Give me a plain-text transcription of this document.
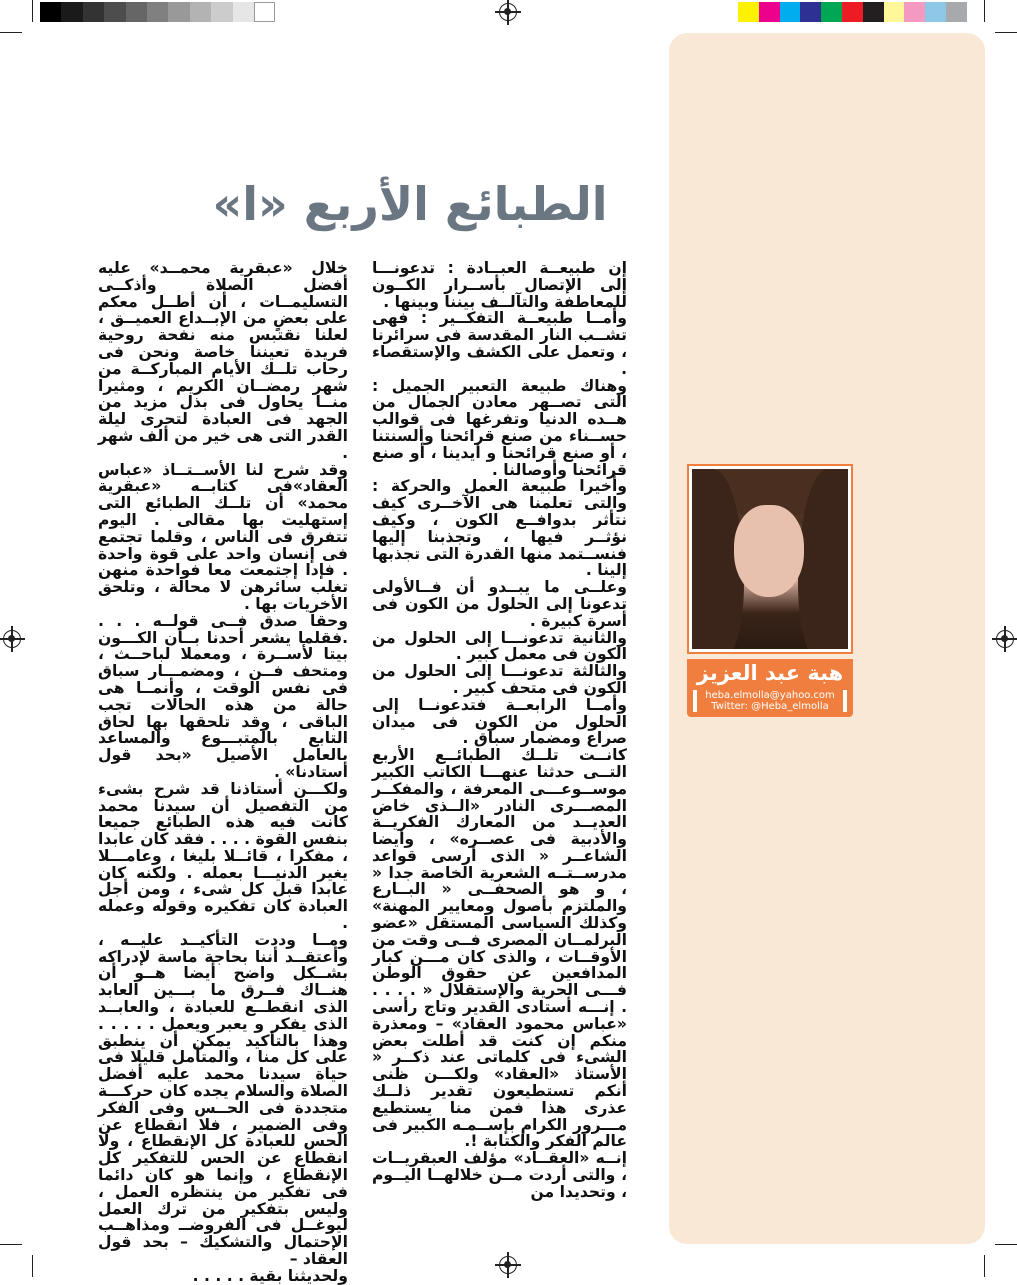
هبة عبد العزيز
heba.elmolla@yahoo.com
Twitter: @Heba_elmolla
الطبائع الأربع «ا»

إن طبيعــة العبــادة : تدعونـــا إلى الإتصال بأســرار الكــون للمعاطفة والتآلــف بيننا وبينها .

وأمــا طبيعــة التفكــير : فهى تشــب النار المقدسة فى سرائرنا ، وتعمل على الكشف والإستقصاء .

وهناك طبيعة التعبير الجميل : التى تصــهر معادن الجمال من هــده الدنيا وتفرغها فى قوالب حســناء من صنع قرائحنا وألسنتنا ، أو صنع قرائحنا و أيدينا ، أو صنع قرائحنا وأوصالنا .

وأخيرا طبيعة العمل والحركة : والتى تعلمنا هى الآخــرى كيف نتأثر بدوافــع الكون ، وكيف نؤثــر فيها ، وتجذبنا إليها فنســتمد منها القدرة التى تجذبها إلينا .

وعلــى ما يبــدو أن فــالأولى تدعونا إلى الحلول من الكون فى أسرة كبيرة .

والثانية تدعونـــا إلى الحلول من الكون فى معمل كبير .

والثالثة تدعونـــا إلى الحلول من الكون فى متحف كبير .

وأمــا الرابعــة فتدعونــا إلى الحلول من الكون فى ميدان صراع ومضمار سباق .

كانــت تلــك الطبائــع الأربع التــى حدثنا عنهـــا الكاتب الكبير موســوعـــى المعرفة ، والمفكــر المصـــرى النادر «الــذى خاض العديــد من المعارك الفكريــة والأدبية فى عصــره» ، وأيضا الشاعــر « الذى أرسى قواعد مدرســتــه الشعرية الخاصة جدا « ، و هو الصحفــى « البــارع والملتزم بأصول ومعايير المهنة» وكذلك السياسى المستقل «عضو البرلمــان المصرى فــى وقت من الأوقــات ، والذى كان مـــن كبار المدافعين عن حقوق الوطن فـــى الحرية والإستقلال « . . . . . إنـــه أستادى القدير وتاج رأسى «عباس محمود العقاد» – ومعذرة منكم إن كنت قد أطلت بعض الشىء فى كلماتى عند ذكــر « الأستاذ «العقاد» ولكـــن ظنى أنكم تستطيعون تقدير ذلــك عذرى هذا فمن منا يستطيع مـــرور الكرام بإســمـه الكبير فى عالم الفكر والكتابة !.

إنــه «العقــاد» مؤلف العبقريــات ، والتى أردت مــن خلالهــا اليــوم ، وتحديدا من

خلال «عبقرية محمــد» عليه أفضل الصلاة وأذكــى التسليمــات ، أن أطــل معكم على بعضٍ من الإبــداع العميــق ، لعلنا نقتبس منه نفحة روحية فريدة تعيننا خاصة ونحن فى رحاب تلــك الأيام المباركــة من شهر رمضــان الكريم ، ومثيرا منــا يحاول فى بذل مزيد من الجهد فى العبادة لتحرى ليلة القدر التى هى خير من ألف شهر .

وقد شرح لنا الأســتــاذ «عباس العقاد»فى كتابــه «عبقرية محمد» أن تلــك الطبائع التى إستهليت بها مقالى . اليوم تتفرق فى الناس ، وقلما تجتمع فى إنسان واحد على قوة واحدة . فإدا إجتمعت معا فواحدة منهن تغلب سائرهن لا محالة ، وتلحق الأخريات بها .

وحقا صدق فــى قولــه . . . .فقلما يشعر أحدنا بــأن الكـــون بيتا لأســرة ، ومعملا لباحــث ، ومتحف فــن ، ومضمـــار سباق فى نفس الوقت ، وأنمــا هى حالة من هذه الحالات تجب الباقى ، وقد تلحقها بها لحاق التابع بالمتبـــوع والمساعد بالعامل الأصيل «بحد قول أستادنا» .

ولكـــن أستاذنا قد شرح بشىء من التفصيل أن سيدنا محمد كانت فيه هذه الطبائع جميعا بنفس القوة . . . . فقد كان عابدا ، مفكرا ، قائــلا بليغا ، وعامـــلا يغير الدنيـــا بعمله . ولكنه كان عابدا قبل كل شىء ، ومن أجل العبادة كان تفكيره وقوله وعمله .

ومــا وددت التأكيــد عليــه ، وأعتقــد أننا بحاجة ماسة لإدراكه بشــكل واضح أيضا هــو أن هنــاك فــرق ما بـــين العابد الذى انقطــع للعبادة ، والعابــد الذى يفكر و يعبر ويعمل . . . . . وهذا بالتأكيد يمكن أن ينطبق على كل منا ، والمتأمل قليلا فى حياة سيدنا محمد عليه أفضل الصلاة والسلام يجده كان حركـــة متجددة فى الحــس وفى الفكر وفى الضمير ، فلا انقطاع عن الحس للعبادة كل الإنقطاع ، ولا انقطاع عن الحس للتفكير كل الإنقطاع ، وإنما هو كان دائما فى تفكير من ينتظره العمل ، وليس بتفكير من ترك العمل ليوغــل فى الفروضــ ومذاهــب الإحتمال والتشكيك – بحد قول العقاد –

ولحديثنا بقية . . . . .
